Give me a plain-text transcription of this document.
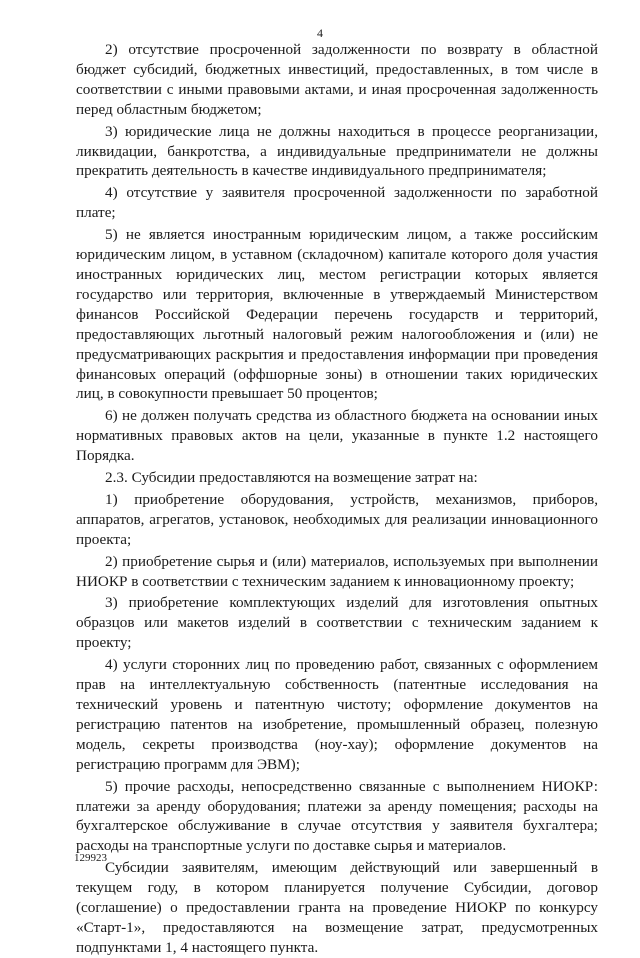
4

2) отсутствие просроченной задолженности по возврату в областной бюджет субсидий, бюджетных инвестиций, предоставленных, в том числе в соответствии с иными правовыми актами, и иная просроченная задолженность перед областным бюджетом;

3) юридические лица не должны находиться в процессе реорганизации, ликвидации, банкротства, а индивидуальные предприниматели не должны прекратить деятельность в качестве индивидуального предпринимателя;

4) отсутствие у заявителя просроченной задолженности по заработной плате;

5) не является иностранным юридическим лицом, а также российским юридическим лицом, в уставном (складочном) капитале которого доля участия иностранных юридических лиц, местом регистрации которых является государство или территория, включенные в утверждаемый Министерством финансов Российской Федерации перечень государств и территорий, предоставляющих льготный налоговый режим налогообложения и (или) не предусматривающих раскрытия и предоставления информации при проведения финансовых операций (оффшорные зоны) в отношении таких юридических лиц, в совокупности превышает 50 процентов;

6) не должен получать средства из областного бюджета на основании иных нормативных правовых актов на цели, указанные в пункте 1.2 настоящего Порядка.

2.3. Субсидии предоставляются на возмещение затрат на:

1) приобретение оборудования, устройств, механизмов, приборов, аппаратов, агрегатов, установок, необходимых для реализации инновационного проекта;

2) приобретение сырья и (или) материалов, используемых при выполнении НИОКР в соответствии с техническим заданием к инновационному проекту;

3) приобретение комплектующих изделий для изготовления опытных образцов или макетов изделий в соответствии с техническим заданием к проекту;

4) услуги сторонних лиц по проведению работ, связанных с оформлением прав на интеллектуальную собственность (патентные исследования на технический уровень и патентную чистоту; оформление документов на регистрацию патентов на изобретение, промышленный образец, полезную модель, секреты производства (ноу-хау); оформление документов на регистрацию программ для ЭВМ);

5) прочие расходы, непосредственно связанные с выполнением НИОКР: платежи за аренду оборудования; платежи за аренду помещения; расходы на бухгалтерское обслуживание в случае отсутствия у заявителя бухгалтера; расходы на транспортные услуги по доставке сырья и материалов.

Субсидии заявителям, имеющим действующий или завершенный в текущем году, в котором планируется получение Субсидии, договор (соглашение) о предоставлении гранта на проведение НИОКР по конкурсу «Старт-1», предоставляются на возмещение затрат, предусмотренных подпунктами 1, 4 настоящего пункта.

129923
